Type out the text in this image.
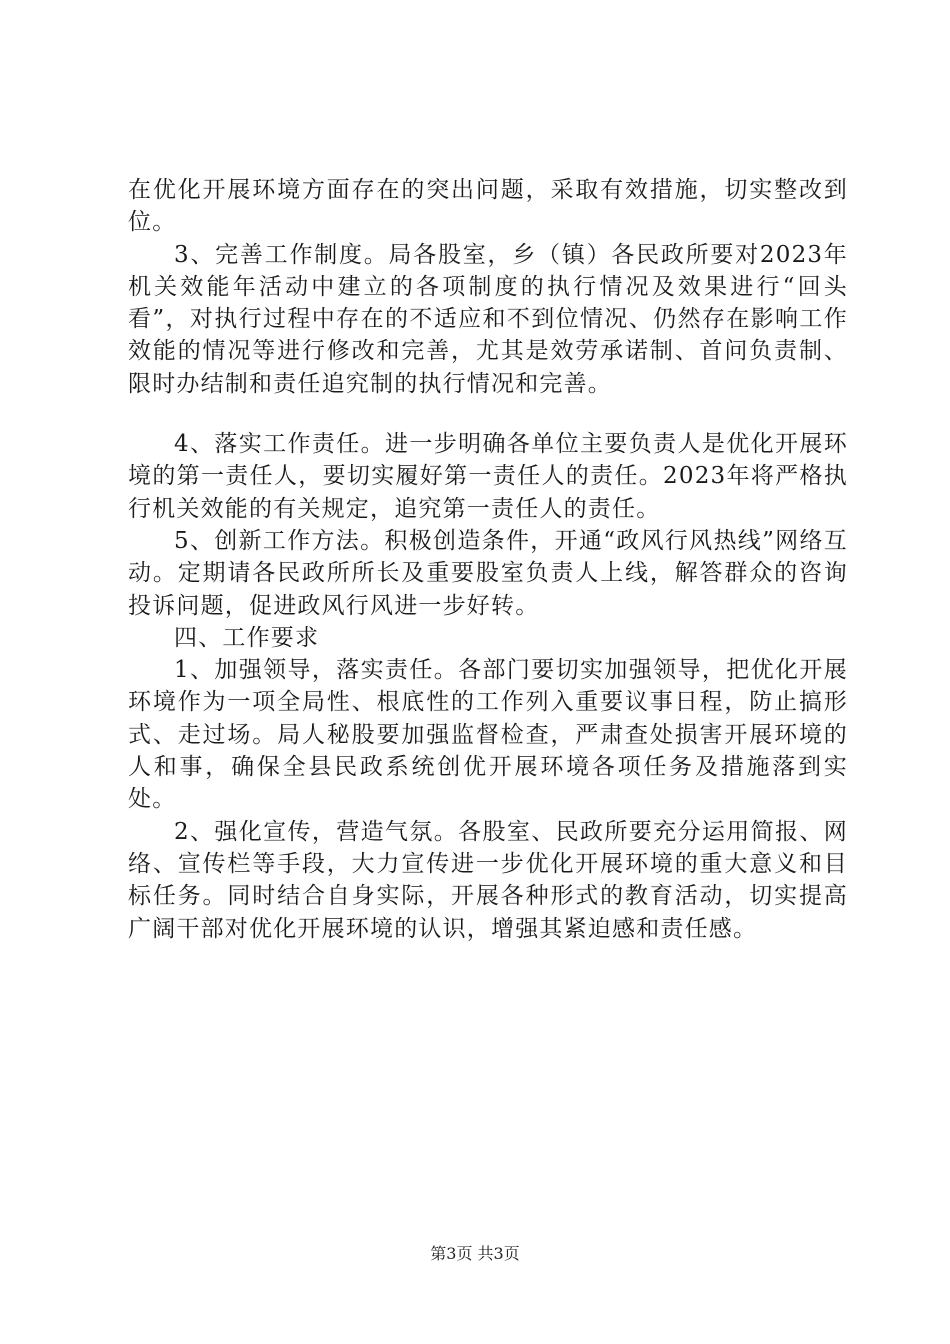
在优化开展环境方面存在的突出问题，采取有效措施，切实整改到位。

3、完善工作制度。局各股室，乡（镇）各民政所要对2023年机关效能年活动中建立的各项制度的执行情况及效果进行“回头看”，对执行过程中存在的不适应和不到位情况、仍然存在影响工作效能的情况等进行修改和完善，尤其是效劳承诺制、首问负责制、限时办结制和责任追究制的执行情况和完善。

4、落实工作责任。进一步明确各单位主要负责人是优化开展环境的第一责任人，要切实履好第一责任人的责任。2023年将严格执行机关效能的有关规定，追究第一责任人的责任。

5、创新工作方法。积极创造条件，开通“政风行风热线”网络互动。定期请各民政所所长及重要股室负责人上线，解答群众的咨询投诉问题，促进政风行风进一步好转。

四、工作要求

1、加强领导，落实责任。各部门要切实加强领导，把优化开展环境作为一项全局性、根底性的工作列入重要议事日程，防止搞形式、走过场。局人秘股要加强监督检查，严肃查处损害开展环境的人和事，确保全县民政系统创优开展环境各项任务及措施落到实处。

2、强化宣传，营造气氛。各股室、民政所要充分运用简报、网络、宣传栏等手段，大力宣传进一步优化开展环境的重大意义和目标任务。同时结合自身实际，开展各种形式的教育活动，切实提高广阔干部对优化开展环境的认识，增强其紧迫感和责任感。

第3页 共3页
